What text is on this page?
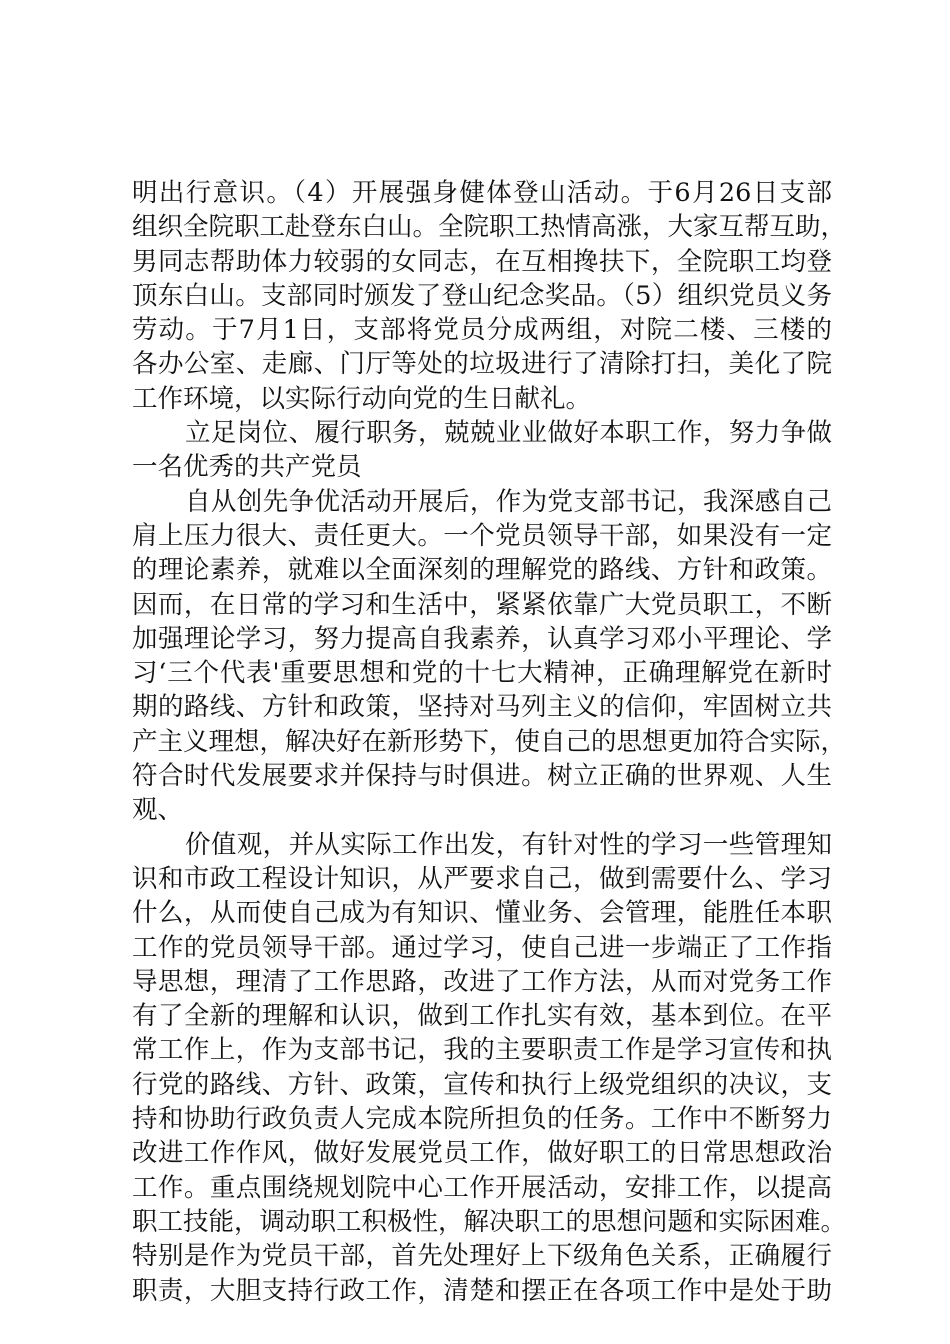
明出行意识。（4）开展强身健体登山活动。于6月26日支部
组织全院职工赴登东白山。全院职工热情高涨，大家互帮互助，
男同志帮助体力较弱的女同志，在互相搀扶下，全院职工均登
顶东白山。支部同时颁发了登山纪念奖品。（5）组织党员义务
劳动。于7月1日，支部将党员分成两组，对院二楼、三楼的
各办公室、走廊、门厅等处的垃圾进行了清除打扫，美化了院
工作环境，以实际行动向党的生日献礼。
立足岗位、履行职务，兢兢业业做好本职工作，努力争做
一名优秀的共产党员
自从创先争优活动开展后，作为党支部书记，我深感自己
肩上压力很大、责任更大。一个党员领导干部，如果没有一定
的理论素养，就难以全面深刻的理解党的路线、方针和政策。
因而，在日常的学习和生活中，紧紧依靠广大党员职工，不断
加强理论学习，努力提高自我素养，认真学习邓小平理论、学
习‘三个代表'重要思想和党的十七大精神，正确理解党在新时
期的路线、方针和政策，坚持对马列主义的信仰，牢固树立共
产主义理想，解决好在新形势下，使自己的思想更加符合实际，
符合时代发展要求并保持与时俱进。树立正确的世界观、人生
观、
价值观，并从实际工作出发，有针对性的学习一些管理知
识和市政工程设计知识，从严要求自己，做到需要什么、学习
什么，从而使自己成为有知识、懂业务、会管理，能胜任本职
工作的党员领导干部。通过学习，使自己进一步端正了工作指
导思想，理清了工作思路，改进了工作方法，从而对党务工作
有了全新的理解和认识，做到工作扎实有效，基本到位。在平
常工作上，作为支部书记，我的主要职责工作是学习宣传和执
行党的路线、方针、政策，宣传和执行上级党组织的决议，支
持和协助行政负责人完成本院所担负的任务。工作中不断努力
改进工作作风，做好发展党员工作，做好职工的日常思想政治
工作。重点围绕规划院中心工作开展活动，安排工作，以提高
职工技能，调动职工积极性，解决职工的思想问题和实际困难。
特别是作为党员干部，首先处理好上下级角色关系，正确履行
职责，大胆支持行政工作，清楚和摆正在各项工作中是处于助
